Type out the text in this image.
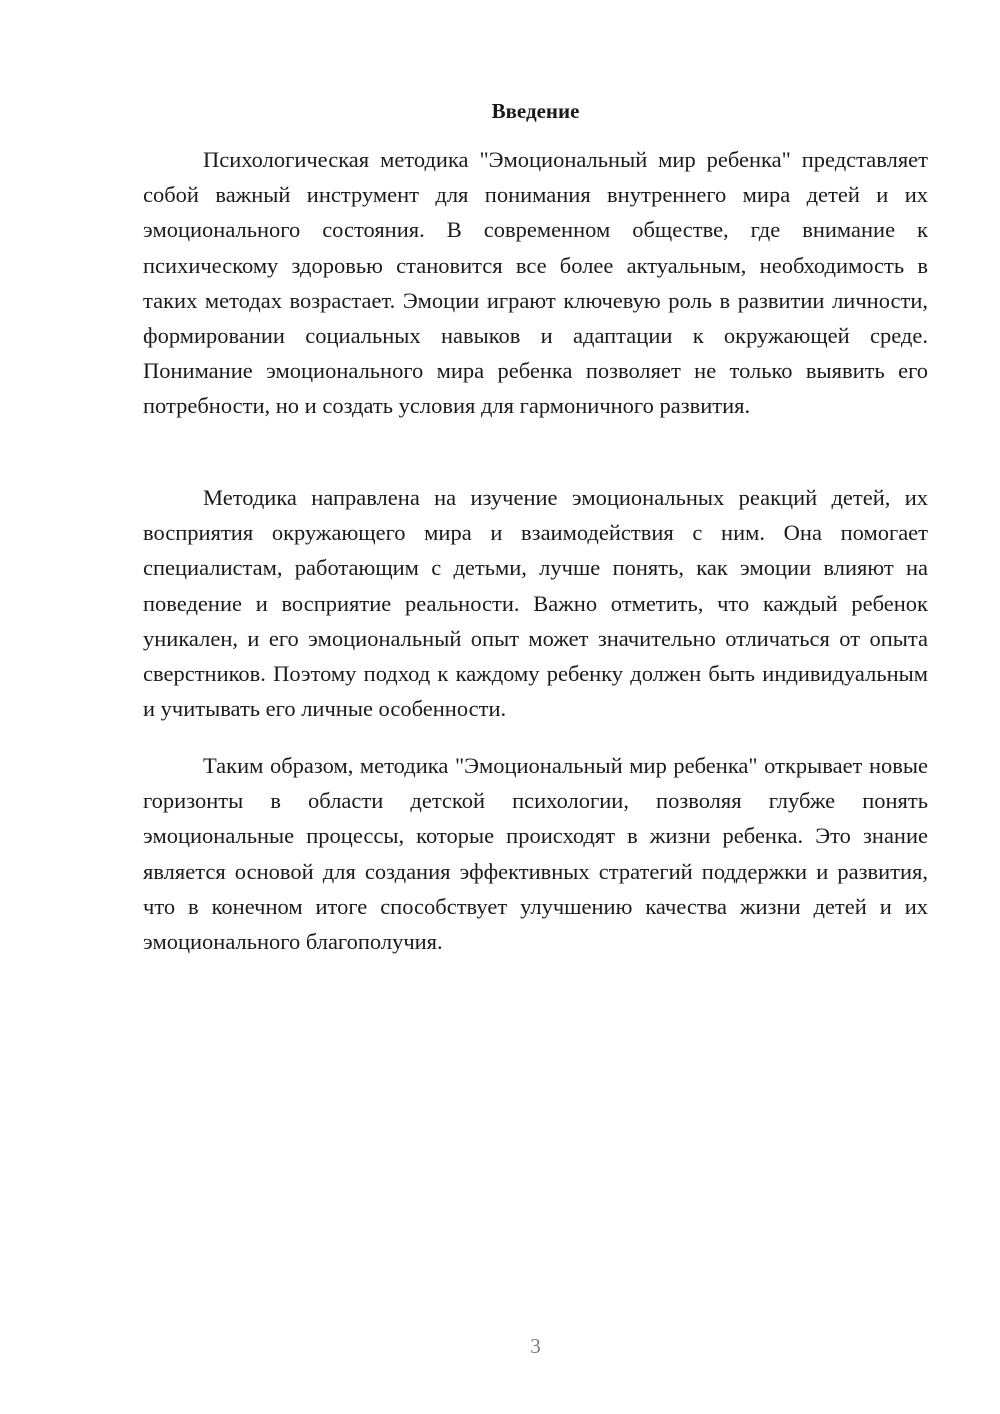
Введение

Психологическая методика "Эмоциональный мир ребенка" представляет собой важный инструмент для понимания внутреннего мира детей и их эмоционального состояния. В современном обществе, где внимание к психическому здоровью становится все более актуальным, необходимость в таких методах возрастает. Эмоции играют ключевую роль в развитии личности, формировании социальных навыков и адаптации к окружающей среде. Понимание эмоционального мира ребенка позволяет не только выявить его потребности, но и создать условия для гармоничного развития.

Методика направлена на изучение эмоциональных реакций детей, их восприятия окружающего мира и взаимодействия с ним. Она помогает специалистам, работающим с детьми, лучше понять, как эмоции влияют на поведение и восприятие реальности. Важно отметить, что каждый ребенок уникален, и его эмоциональный опыт может значительно отличаться от опыта сверстников. Поэтому подход к каждому ребенку должен быть индивидуальным и учитывать его личные особенности.

Таким образом, методика "Эмоциональный мир ребенка" открывает новые горизонты в области детской психологии, позволяя глубже понять эмоциональные процессы, которые происходят в жизни ребенка. Это знание является основой для создания эффективных стратегий поддержки и развития, что в конечном итоге способствует улучшению качества жизни детей и их эмоционального благополучия.

3
